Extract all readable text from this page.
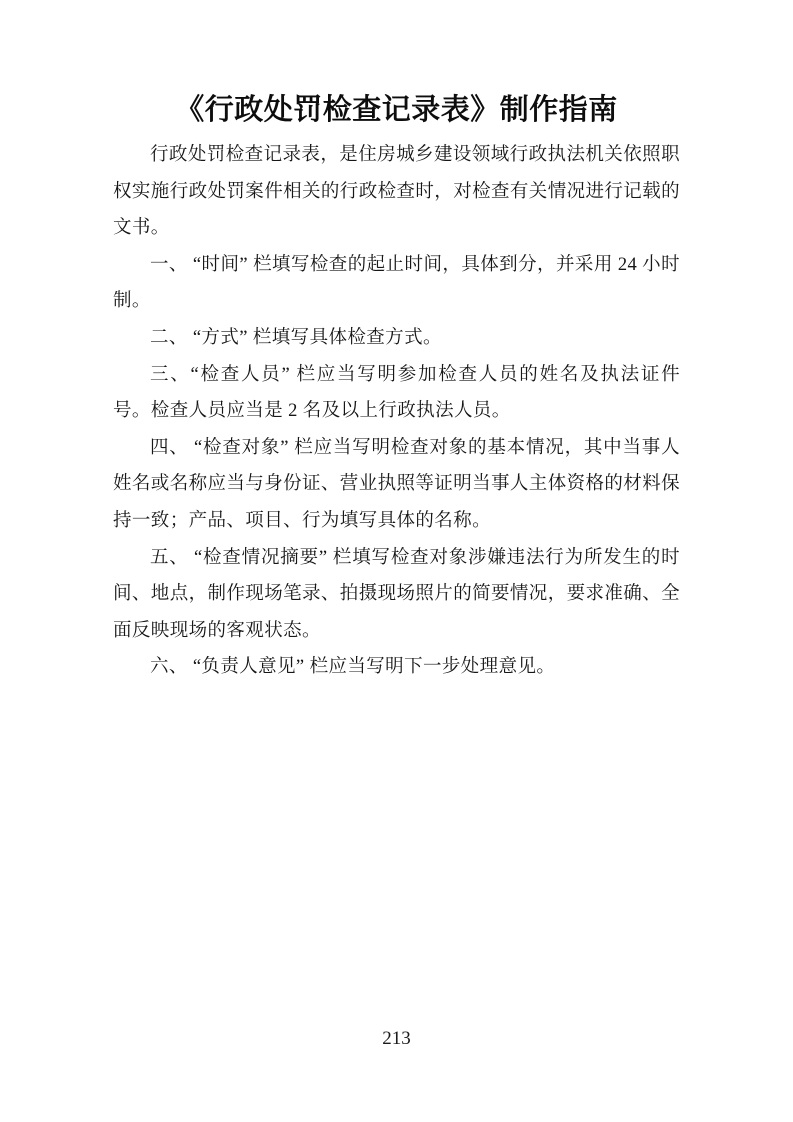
《行政处罚检查记录表》制作指南

行政处罚检查记录表，是住房城乡建设领域行政执法机关依照职权实施行政处罚案件相关的行政检查时，对检查有关情况进行记载的文书。

一、 “时间” 栏填写检查的起止时间，具体到分，并采用 24 小时制。

二、 “方式” 栏填写具体检查方式。

三、“检查人员” 栏应当写明参加检查人员的姓名及执法证件号。检查人员应当是 2 名及以上行政执法人员。

四、 “检查对象” 栏应当写明检查对象的基本情况，其中当事人姓名或名称应当与身份证、营业执照等证明当事人主体资格的材料保持一致；产品、项目、行为填写具体的名称。

五、 “检查情况摘要” 栏填写检查对象涉嫌违法行为所发生的时间、地点，制作现场笔录、拍摄现场照片的简要情况，要求准确、全面反映现场的客观状态。

六、 “负责人意见” 栏应当写明下一步处理意见。

213
